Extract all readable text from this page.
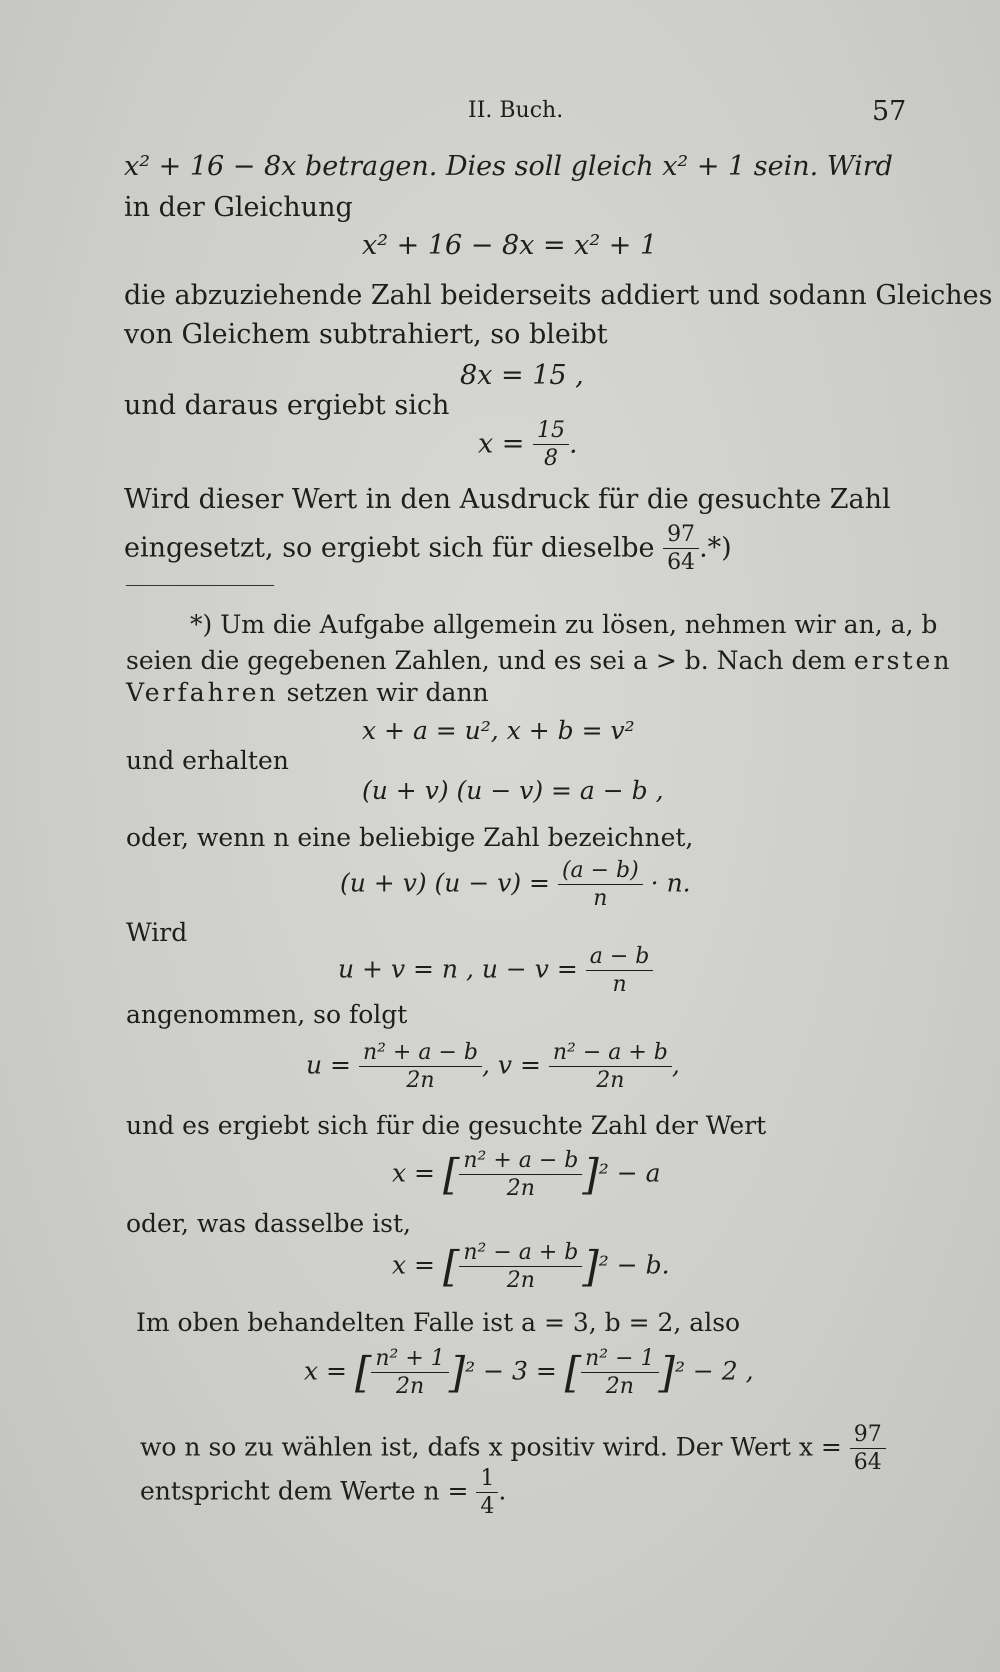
II. Buch.	57
x² + 16 − 8x betragen. Dies soll gleich x² + 1 sein. Wird
in der Gleichung
x² + 16 − 8x = x² + 1
die abzuziehende Zahl beiderseits addiert und sodann Gleiches
von Gleichem subtrahiert, so bleibt
8x = 15 ,
und daraus ergiebt sich
$x = \frac{15}{8}$ .
Wird dieser Wert in den Ausdruck für die gesuchte Zahl
eingesetzt, so ergiebt sich für dieselbe $\frac{97}{64}$ .*)
*) Um die Aufgabe allgemein zu lösen, nehmen wir an, a, b
seien die gegebenen Zahlen, und es sei a > b. Nach dem ersten
Verfahren setzen wir dann
x + a = u², x + b = v²
und erhalten
(u + v) (u − v) = a − b ,
oder, wenn n eine beliebige Zahl bezeichnet,
(u + v) $(u - v) = \frac{(a - b)}{n} \cdot n$.
Wird
u + v = n , $u - v = \frac{a - b}{n}$
angenommen, so folgt
$u = \frac{\text{n² + a − b}}{2n}$ , $v = \frac{\text{n² − a + b}}{2n}$ ,
und es ergiebt sich für die gesuchte Zahl der Wert
x = [ $\frac{\text{n² + a − b}}{2n} ]^2 - a$
oder, was dasselbe ist,
x = [ $\frac{\text{n² − a + b}}{2n} ]^2 - b$.
Im oben behandelten Falle ist a = 3, b = 2, also
x = [ $\frac{\text{n² + 1}}{2n} ]^2 - 3$ = [ $\frac{\text{n² − 1}}{2n} ]^2 - 2$ ,
wo n so zu wählen ist, dafs x positiv wird. Der Wert $x = \frac{97}{64}$
entspricht dem Werte $n = \frac{1}{4}$ .
